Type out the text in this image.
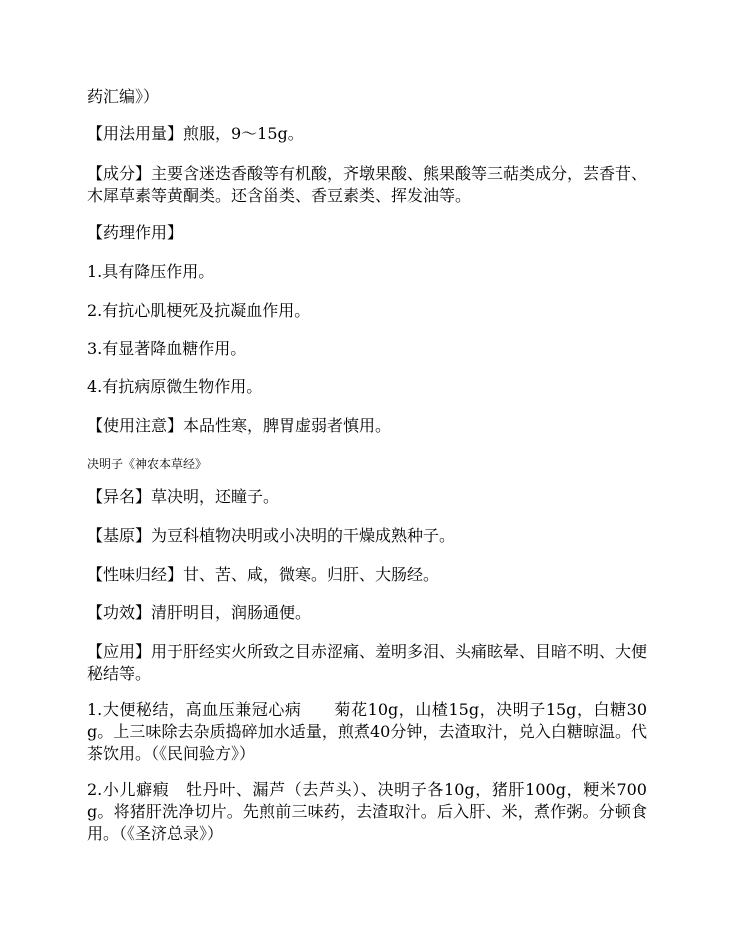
药汇编》）
【用法用量】煎服，9～15g。
【成分】主要含迷迭香酸等有机酸，齐墩果酸、熊果酸等三萜类成分，芸香苷、木犀草素等黄酮类。还含甾类、香豆素类、挥发油等。
【药理作用】
1.具有降压作用。
2.有抗心肌梗死及抗凝血作用。
3.有显著降血糖作用。
4.有抗病原微生物作用。
【使用注意】本品性寒，脾胃虚弱者慎用。
决明子《神农本草经》
【异名】草决明，还瞳子。
【基原】为豆科植物决明或小决明的干燥成熟种子。
【性味归经】甘、苦、咸，微寒。归肝、大肠经。
【功效】清肝明目，润肠通便。
【应用】用于肝经实火所致之目赤涩痛、羞明多泪、头痛眩晕、目暗不明、大便秘结等。
1.大便秘结，高血压兼冠心病　　菊花10g，山楂15g，决明子15g，白糖30g。上三味除去杂质捣碎加水适量，煎煮40分钟，去渣取汁，兑入白糖晾温。代茶饮用。（《民间验方》）
2.小儿癖瘕　牡丹叶、漏芦（去芦头）、决明子各10g，猪肝100g，粳米700g。将猪肝洗净切片。先煎前三味药，去渣取汁。后入肝、米，煮作粥。分顿食用。（《圣济总录》）
